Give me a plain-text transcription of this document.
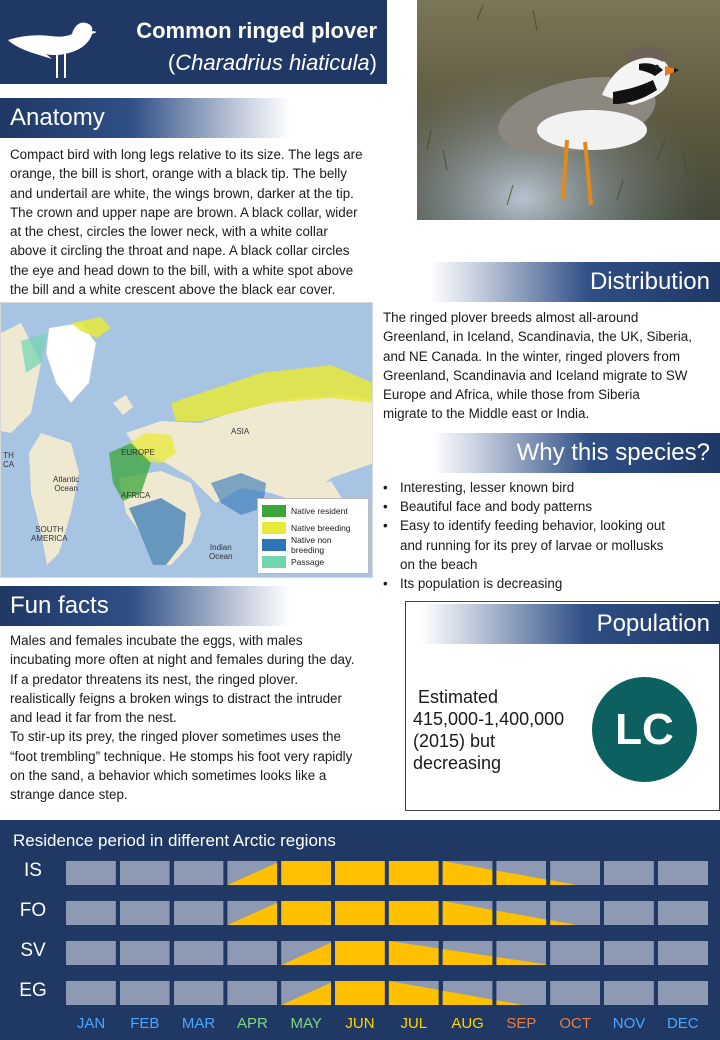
Common ringed plover
(Charadrius hiaticula)
Anatomy
Compact bird with long legs relative to its size. The legs are
orange, the bill is short, orange with a black tip. The belly
and undertail are white, the wings brown, darker at the tip.
The crown and upper nape are brown. A black collar, wider
at the chest, circles the lower neck, with a white collar
above it circling the throat and nape. A black collar circles
the eye and head down to the bill, with a white spot above
the bill and a white crescent above the black ear cover.	Distribution
The ringed plover breeds almost all-around
Greenland, in Iceland, Scandinavia, the UK, Siberia,
and NE Canada. In the winter, ringed plovers from
Greenland, Scandinavia and Iceland migrate to SW
Europe and Africa, while those from Siberia
migrate to the Middle east or India.
ASIA
EUROPE
AFRICA
SOUTH
AMERICA
Atlantic
Ocean
Indian
Ocean
TH
CA
Native resident
Native breeding
Native non breeding
Passage
Why this species?
• Interesting, lesser known bird
• Beautiful face and body patterns
• Easy to identify feeding behavior, looking out
and running for its prey of larvae or mollusks
on the beach
• Its population is decreasing
Fun facts
Males and females incubate the eggs, with males
incubating more often at night and females during the day.
If a predator threatens its nest, the ringed plover.
realistically feigns a broken wings to distract the intruder
and lead it far from the nest.
To stir-up its prey, the ringed plover sometimes uses the
“foot trembling” technique. He stomps his foot very rapidly
on the sand, a behavior which sometimes looks like a
strange dance step.
Population
Estimated
415,000-1,400,000
(2015) but
decreasing
LC
Residence period in different Arctic regions
IS
FO
SV
EG
JAN	FEB	MAR	APR	MAY	JUN	JUL	AUG	SEP	OCT	NOV	DEC
